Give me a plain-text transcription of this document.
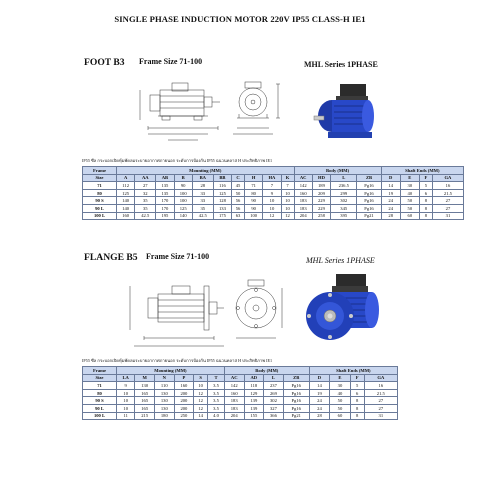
SINGLE PHASE INDUCTION MOTOR 220V IP55 CLASS-H IE1
FOOT B3 Frame Size 71-100	MHL Series 1PHASE
IP55 ซีล กระบอกเปิดหุ้มพัดลมระบายอากาศภายนอก ระดับการป้องกัน IP55 ฉนวนคลาส H ประสิทธิภาพ IE1
Frame	Mounting (MM)										Body (MM)				Shaft Ends (MM)			
Size	A	AA	AB	B	BA	BB	C	H	HA	K	AC	HD	L	ZB	D	E	F	GA
71	112	27	135	90	28	116	45	71	7	7	142	189	236.5	Pg16	14	30	5	16
80	125	32	135	100	33	125	50	80	9	10	160	209	299	Pg16	19	40	6	21.5
90 S	140	35	170	100	33	128	56	90	10	10	183	229	302	Pg16	24	50	8	27
90 L	140	35	170	125	35	133	56	90	10	10	183	229	345	Pg16	24	50	8	27
100 L	160	42.5	195	140	42.5	175	63	100	12	12	204	258	395	Pg21	28	60	8	31
FLANGE B5 Frame Size 71-100	MHL Series 1PHASE
IP55 ซีล กระบอกเปิดหุ้มพัดลมระบายอากาศภายนอก ระดับการป้องกัน IP55 ฉนวนคลาส H ประสิทธิภาพ IE1
Frame	Mounting (MM)						Body (MM)				Shaft Ends (MM)			
Size	LA	M	N	P	S	T	AC	AD	L	ZB	D	E	F	GA
71	9	130	110	160	10	3.5	142	118	237	Pg16	14	30	5	16
80	10	165	130	200	12	3.5	160	129	269	Pg16	19	40	6	21.5
90 S	10	165	130	200	12	3.5	183	139	302	Pg16	24	50	8	27
90 L	10	165	130	200	12	3.5	183	139	327	Pg16	24	50	8	27
100 L	11	215	180	250	14	4.0	204	155	366	Pg21	28	60	8	31
